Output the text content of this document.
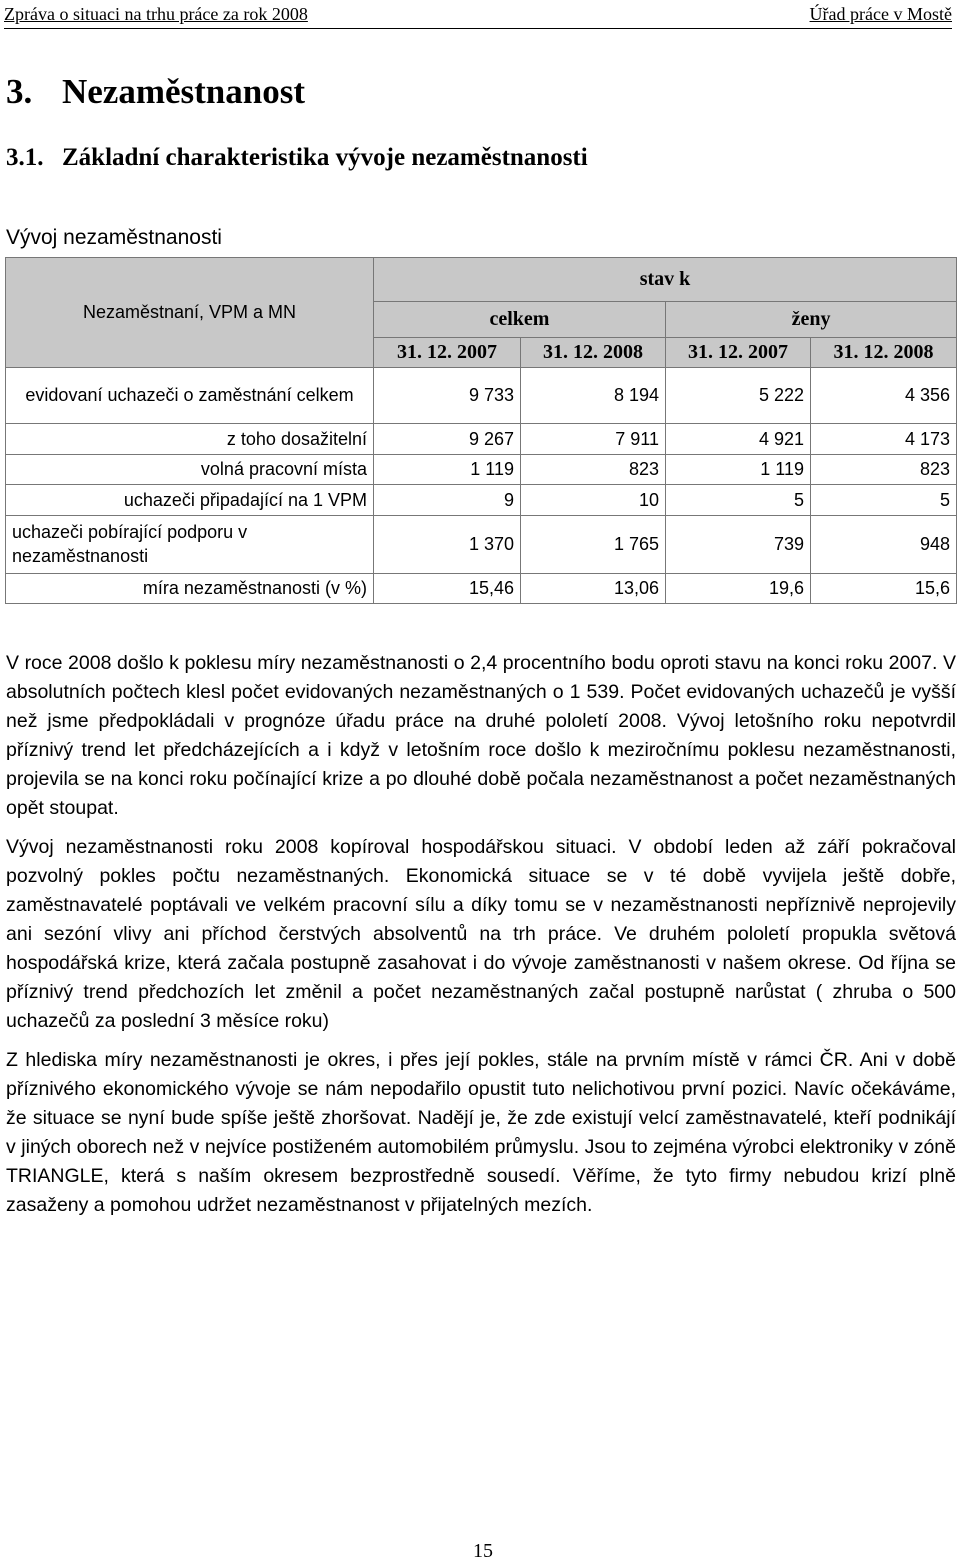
Zpráva o situaci na trhu práce za rok 2008	Úřad práce v Mostě
3. Nezaměstnanost
3.1. Základní charakteristika vývoje nezaměstnanosti
Vývoj nezaměstnanosti
Nezaměstnaní, VPM a MN	stav k			
	celkem		ženy	
	31. 12. 2007	31. 12. 2008	31. 12. 2007	31. 12. 2008
evidovaní uchazeči o zaměstnání celkem	9 733	8 194	5 222	4 356
z toho dosažitelní	9 267	7 911	4 921	4 173
volná pracovní místa	1 119	823	1 119	823
uchazeči připadající na 1 VPM	9	10	5	5
uchazeči pobírající podporu v nezaměstnanosti	1 370	1 765	739	948
míra nezaměstnanosti (v %)	15,46	13,06	19,6	15,6

V roce 2008 došlo k poklesu míry nezaměstnanosti o 2,4 procentního bodu oproti stavu na konci roku 2007. V absolutních počtech klesl počet evidovaných nezaměstnaných o 1 539. Počet evidovaných uchazečů je vyšší než jsme předpokládali v prognóze úřadu práce na druhé pololetí 2008. Vývoj letošního roku nepotvrdil příznivý trend let předcházejících a i když v letošním roce došlo k meziročnímu poklesu nezaměstnanosti, projevila se na konci roku počínající krize a po dlouhé době počala nezaměstnanost a počet nezaměstnaných opět stoupat.

Vývoj nezaměstnanosti roku 2008 kopíroval hospodářskou situaci. V období leden až září pokračoval pozvolný pokles počtu nezaměstnaných. Ekonomická situace se v té době vyvijela ještě dobře, zaměstnavatelé poptávali ve velkém pracovní sílu a díky tomu se v nezaměstnanosti nepříznivě neprojevily ani sezóní vlivy ani příchod čerstvých absolventů na trh práce. Ve druhém pololetí propukla světová hospodářská krize, která začala postupně zasahovat i do vývoje zaměstnanosti v našem okrese. Od října se příznivý trend předchozích let změnil a počet nezaměstnaných začal postupně narůstat ( zhruba o 500 uchazečů za poslední 3 měsíce roku)

Z hlediska míry nezaměstnanosti je okres, i přes její pokles, stále na prvním místě v rámci ČR. Ani v době příznivého ekonomického vývoje se nám nepodařilo opustit tuto nelichotivou první pozici. Navíc očekáváme, že situace se nyní bude spíše ještě zhoršovat. Nadějí je, že zde existují velcí zaměstnavatelé, kteří podnikájí v jiných oborech než v nejvíce postiženém automobilém průmyslu. Jsou to zejména výrobci elektroniky v zóně TRIANGLE, která s naším okresem bezprostředně sousedí. Věříme, že tyto firmy nebudou krizí plně zasaženy a pomohou udržet nezaměstnanost v přijatelných mezích.

15
